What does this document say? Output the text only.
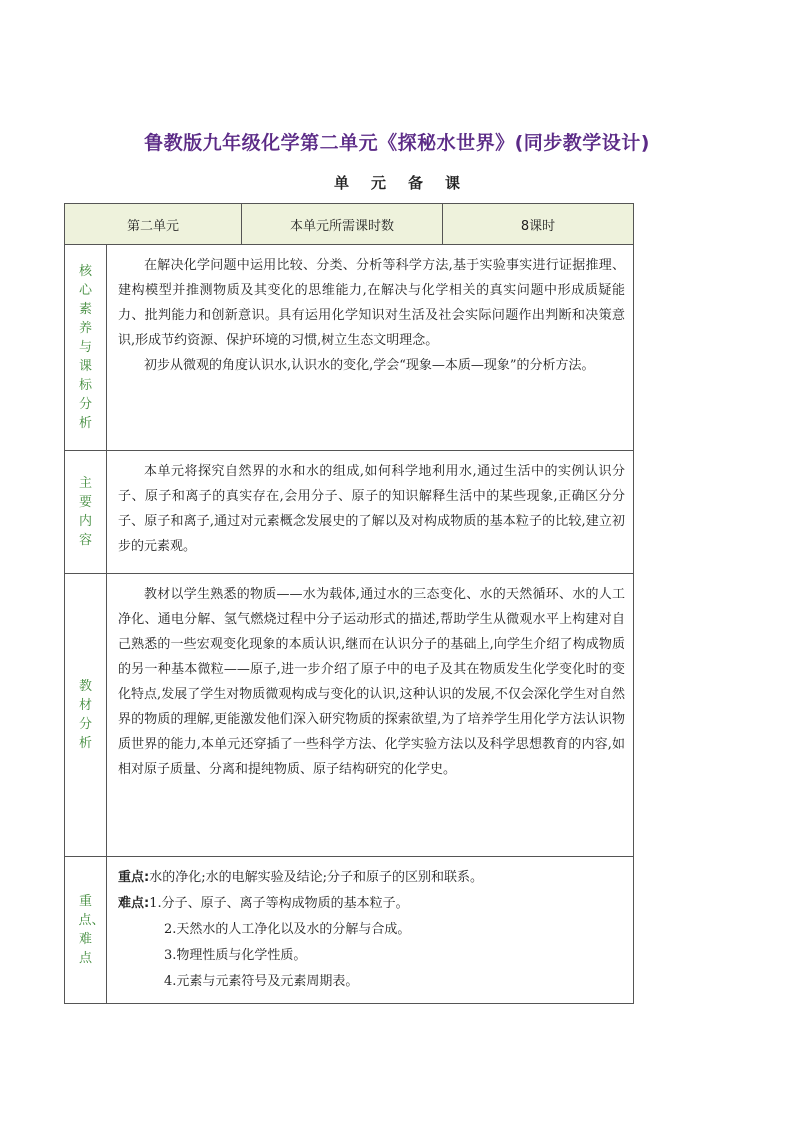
鲁教版九年级化学第二单元《探秘水世界》(同步教学设计)
单元备课
第二单元		本单元所需课时数	8课时
核心素养与课标分析	在解决化学问题中运用比较、分类、分析等科学方法,基于实验事实进行证据推理、建构模型并推测物质及其变化的思维能力,在解决与化学相关的真实问题中形成质疑能力、批判能力和创新意识。具有运用化学知识对生活及社会实际问题作出判断和决策意识,形成节约资源、保护环境的习惯,树立生态文明理念。

初步从微观的角度认识水,认识水的变化,学会“现象—本质—现象”的分析方法。		

主要内容	本单元将探究自然界的水和水的组成,如何科学地利用水,通过生活中的实例认识分子、原子和离子的真实存在,会用分子、原子的知识解释生活中的某些现象,正确区分分子、原子和离子,通过对元素概念发展史的了解以及对构成物质的基本粒子的比较,建立初步的元素观。		

教材分析	教材以学生熟悉的物质——水为载体,通过水的三态变化、水的天然循环、水的人工净化、通电分解、氢气燃烧过程中分子运动形式的描述,帮助学生从微观水平上构建对自己熟悉的一些宏观变化现象的本质认识,继而在认识分子的基础上,向学生介绍了构成物质的另一种基本微粒——原子,进一步介绍了原子中的电子及其在物质发生化学变化时的变化特点,发展了学生对物质微观构成与变化的认识,这种认识的发展,不仅会深化学生对自然界的物质的理解,更能激发他们深入研究物质的探索欲望,为了培养学生用化学方法认识物质世界的能力,本单元还穿插了一些科学方法、化学实验方法以及科学思想教育的内容,如相对原子质量、分离和提纯物质、原子结构研究的化学史。		

重点、难点	重点:水的净化;水的电解实验及结论;分子和原子的区别和联系。

难点:1.分子、原子、离子等构成物质的基本粒子。

2.天然水的人工净化以及水的分解与合成。

3.物理性质与化学性质。

4.元素与元素符号及元素周期表。		
